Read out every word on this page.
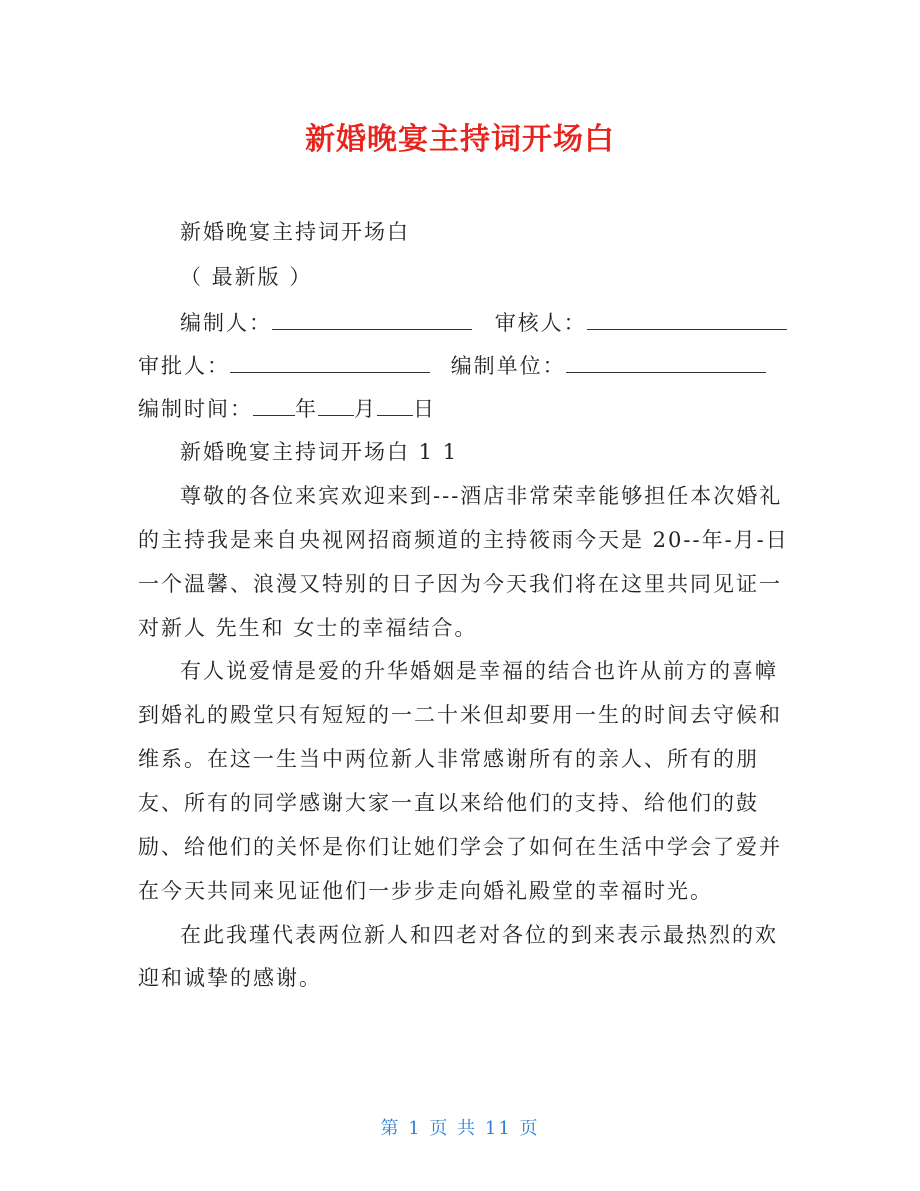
新婚晚宴主持词开场白
新婚晚宴主持词开场白
（ 最新版 ）
编制人：	审核人：
审批人：	编制单位：
编制时间： 年 月 日
新婚晚宴主持词开场白 1 1
尊敬的各位来宾欢迎来到---酒店非常荣幸能够担任本次婚礼
的主持我是来自央视网招商频道的主持筱雨今天是 20--年-月-日
一个温馨、浪漫又特别的日子因为今天我们将在这里共同见证一
对新人 先生和 女士的幸福结合。
有人说爱情是爱的升华婚姻是幸福的结合也许从前方的喜幛
到婚礼的殿堂只有短短的一二十米但却要用一生的时间去守候和
维系。在这一生当中两位新人非常感谢所有的亲人、所有的朋
友、所有的同学感谢大家一直以来给他们的支持、给他们的鼓
励、给他们的关怀是你们让她们学会了如何在生活中学会了爱并
在今天共同来见证他们一步步走向婚礼殿堂的幸福时光。
在此我瑾代表两位新人和四老对各位的到来表示最热烈的欢
迎和诚挚的感谢。
第 1 页 共 11 页
